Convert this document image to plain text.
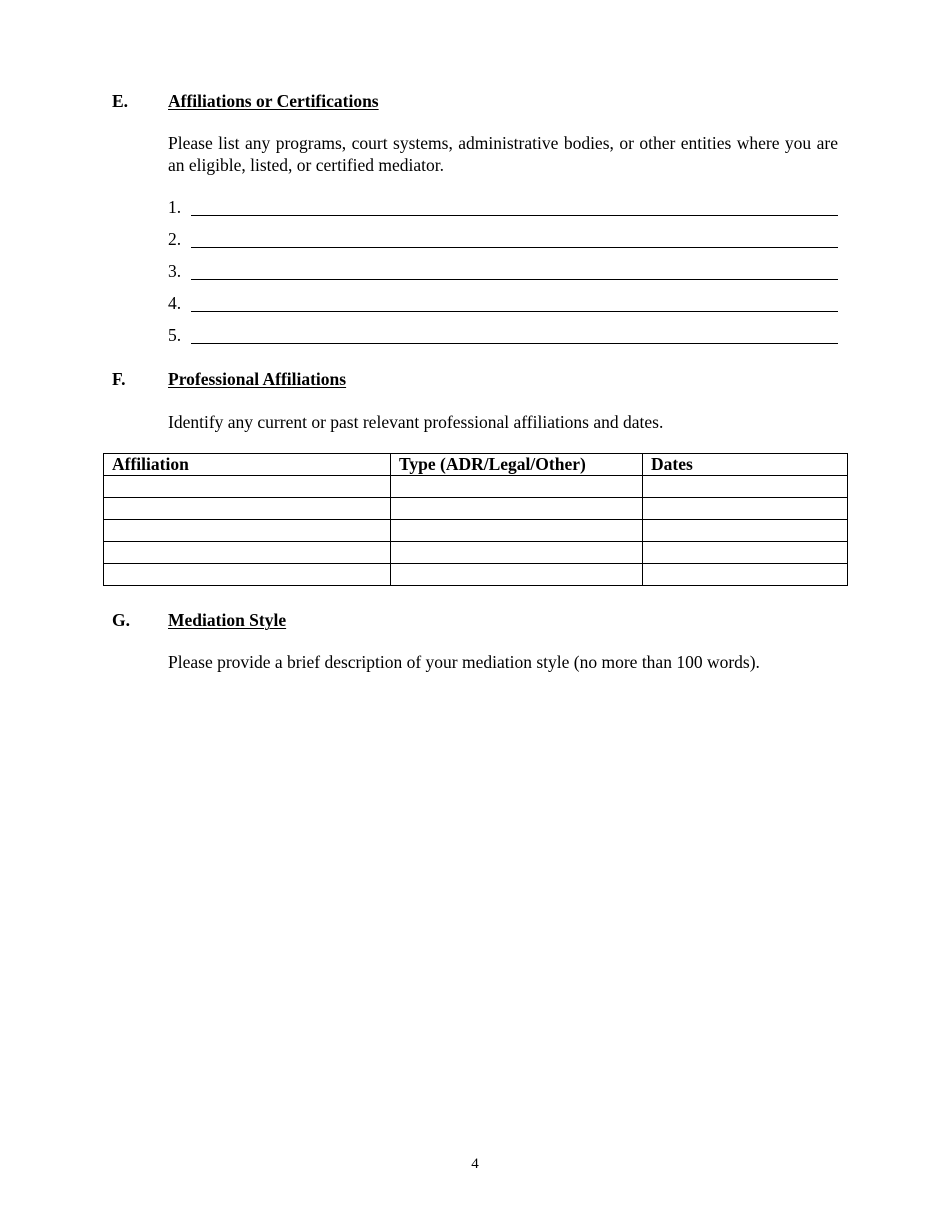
E. Affiliations or Certifications
Please list any programs, court systems, administrative bodies, or other entities where you are an eligible, listed, or certified mediator.
1.
2.
3.
4.
5.
F. Professional Affiliations
Identify any current or past relevant professional affiliations and dates.
Affiliation	Type (ADR/Legal/Other)	Dates

G. Mediation Style
Please provide a brief description of your mediation style (no more than 100 words).
4
